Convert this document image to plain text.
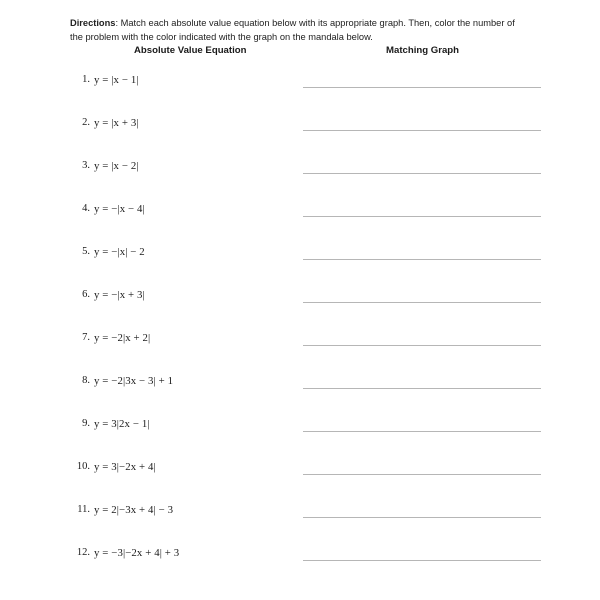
Directions: Match each absolute value equation below with its appropriate graph. Then, color the number of the problem with the color indicated with the graph on the mandala below.

Absolute Value Equation	Matching Graph
1. y = |x − 1|
2. y = |x + 3|
3. y = |x − 2|
4. y = −|x − 4|
5. y = −|x| − 2
6. y = −|x + 3|
7. y = −2|x + 2|
8. y = −2|3x − 3| + 1
9. y = 3|2x − 1|
10. y = 3|−2x + 4|
11. y = 2|−3x + 4| − 3
12. y = −3|−2x + 4| + 3
